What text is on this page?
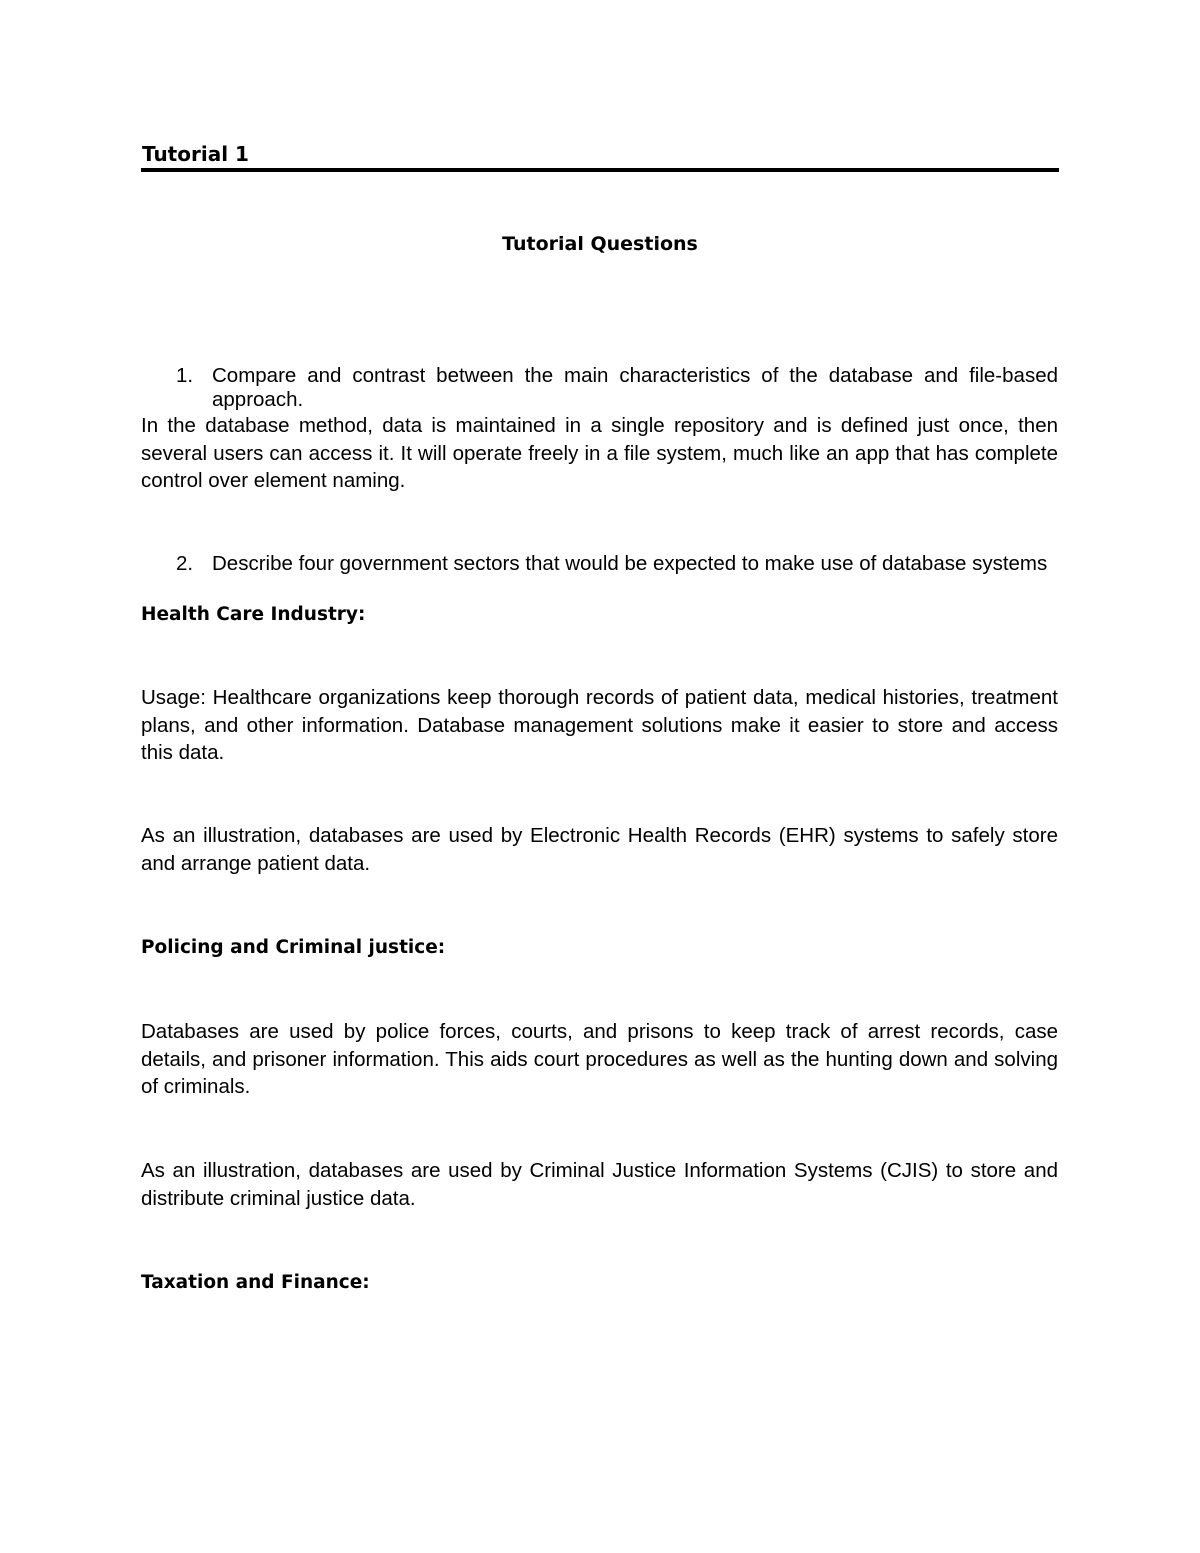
Tutorial 1
Tutorial Questions
1. Compare and contrast between the main characteristics of the database and file-based approach.

In the database method, data is maintained in a single repository and is defined just once, then several users can access it. It will operate freely in a file system, much like an app that has complete control over element naming.

2. Describe four government sectors that would be expected to make use of database systems
Health Care Industry:

Usage: Healthcare organizations keep thorough records of patient data, medical histories, treatment plans, and other information. Database management solutions make it easier to store and access this data.

As an illustration, databases are used by Electronic Health Records (EHR) systems to safely store and arrange patient data.

Policing and Criminal justice:

Databases are used by police forces, courts, and prisons to keep track of arrest records, case details, and prisoner information. This aids court procedures as well as the hunting down and solving of criminals.

As an illustration, databases are used by Criminal Justice Information Systems (CJIS) to store and distribute criminal justice data.

Taxation and Finance:
